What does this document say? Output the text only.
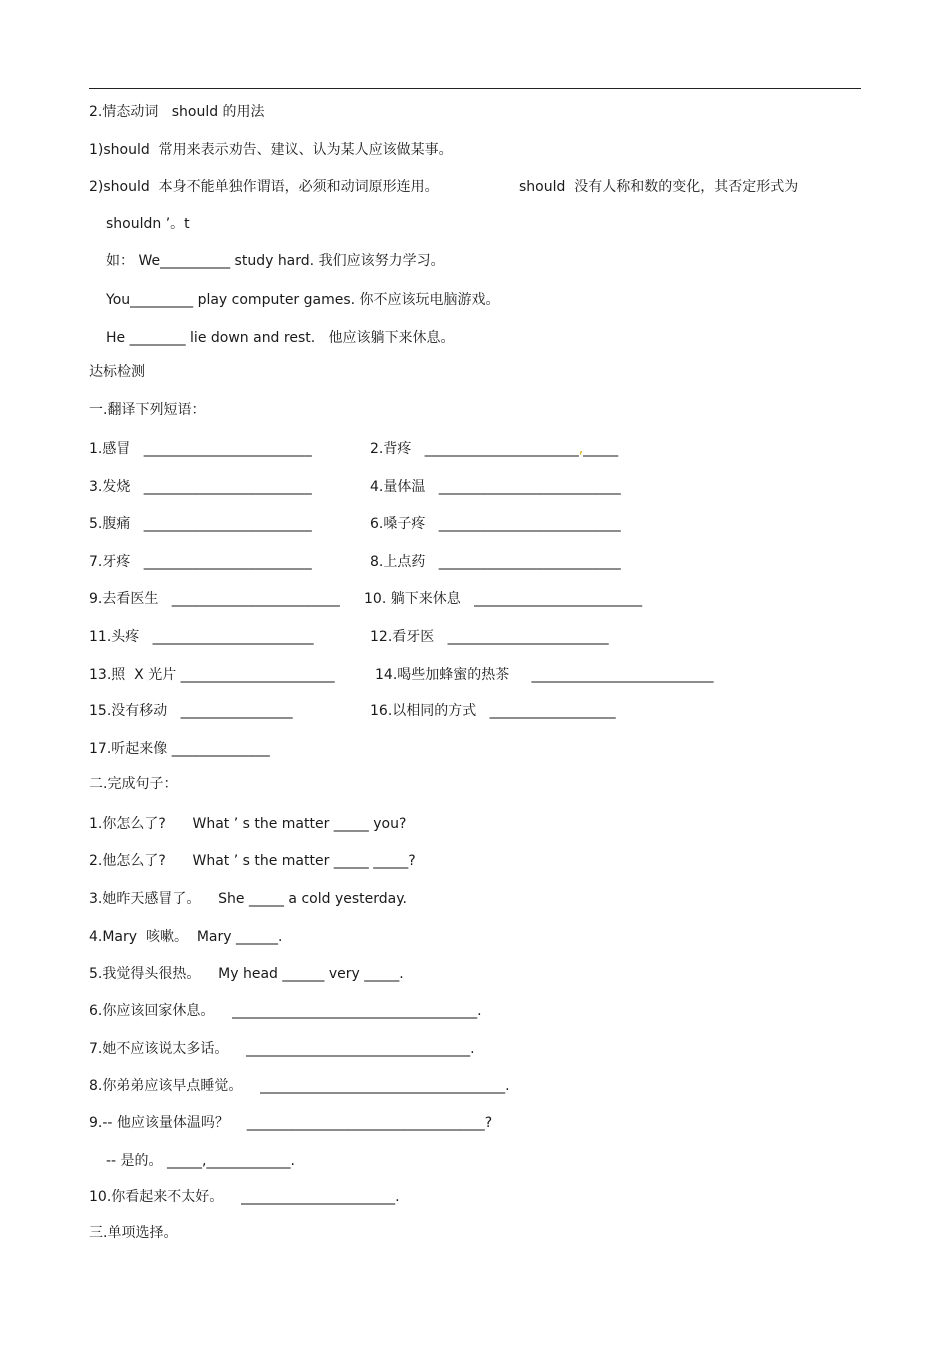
2.情态动词   should 的用法
1)should  常用来表示劝告、建议、认为某人应该做某事。
2)should  本身不能单独作谓语，必须和动词原形连用。	should  没有人称和数的变化，其否定形式为
shouldn ’。t
如： We__________ study hard. 我们应该努力学习。
You_________ play computer games. 你不应该玩电脑游戏。
He ________ lie down and rest.   他应该躺下来休息。
达标检测
一.翻译下列短语：
1.感冒   ________________________	2.背疼   ______________________,_____
3.发烧   ________________________	4.量体温   __________________________
5.腹痛   ________________________	6.嗓子疼   __________________________
7.牙疼   ________________________	8.上点药   __________________________
9.去看医生   ________________________ 10. 躺下来休息   ________________________
11.头疼   _______________________	12.看牙医   _______________________
13.照  X 光片 ______________________	14.喝些加蜂蜜的热茶     __________________________
15.没有移动   ________________	16.以相同的方式   __________________
17.听起来像 ______________
二.完成句子：
1.你怎么了?      What ’ s the matter _____ you?
2.他怎么了?      What ’ s the matter _____ _____?
3.她昨天感冒了。    She _____ a cold yesterday.
4.Mary  咳嗽。  Mary ______.
5.我觉得头很热。    My head ______ very _____.
6.你应该回家休息。    ___________________________________.
7.她不应该说太多话。    ________________________________.
8.你弟弟应该早点睡觉。    ___________________________________.
9.-- 他应该量体温吗？    __________________________________?
-- 是的。 _____,____________.
10.你看起来不太好。    ______________________.
三.单项选择。
